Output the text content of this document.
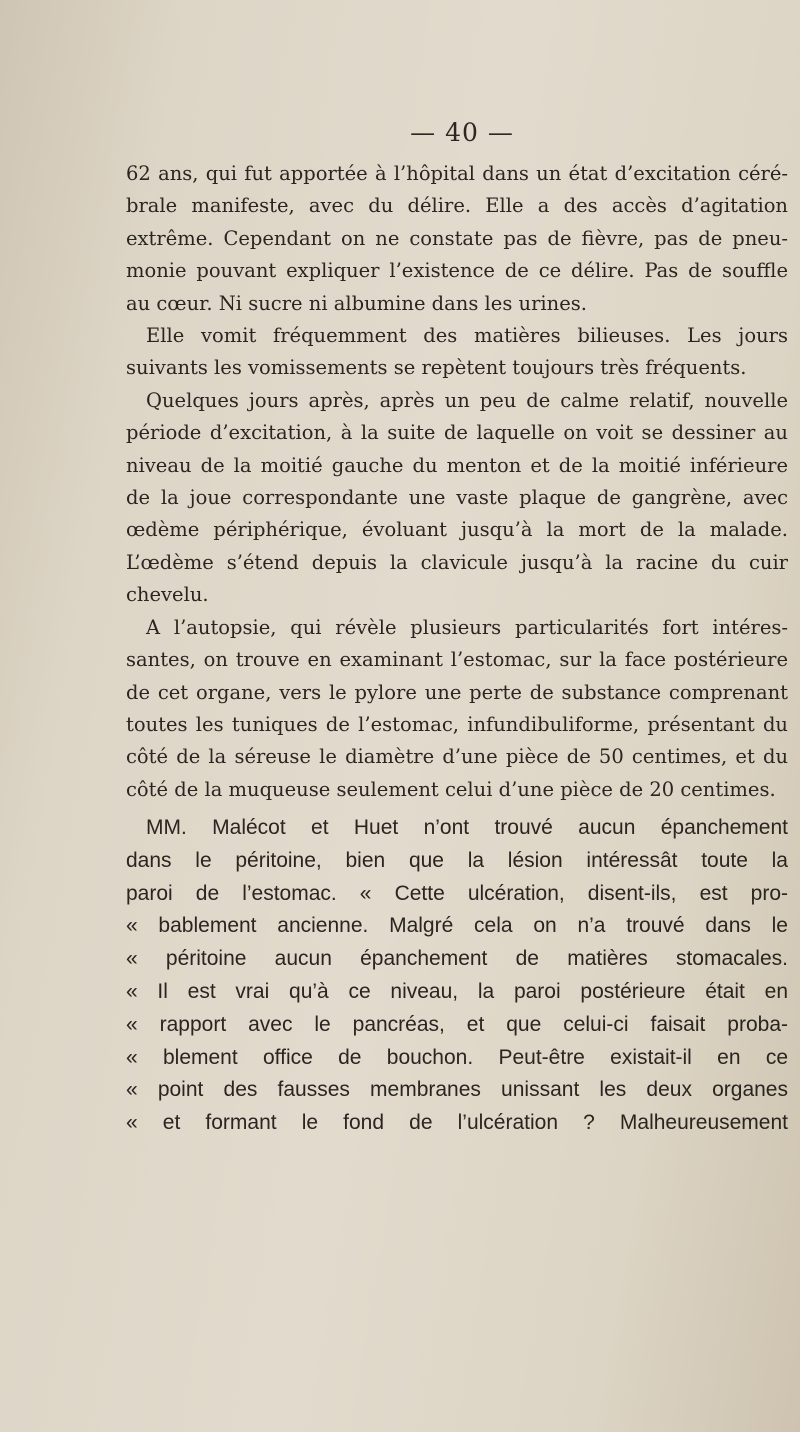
— 40 —
62 ans, qui fut apportée à l’hôpital dans un état d’excitation céré-
brale manifeste, avec du délire. Elle a des accès d’agitation
extrême. Cependant on ne constate pas de fièvre, pas de pneu-
monie pouvant expliquer l’existence de ce délire. Pas de souffle
au cœur. Ni sucre ni albumine dans les urines.
Elle vomit fréquemment des matières bilieuses. Les jours
suivants les vomissements se repètent toujours très fréquents.
Quelques jours après, après un peu de calme relatif, nouvelle
période d’excitation, à la suite de laquelle on voit se dessiner au
niveau de la moitié gauche du menton et de la moitié inférieure
de la joue correspondante une vaste plaque de gangrène, avec
œdème périphérique, évoluant jusqu’à la mort de la malade.
L’œdème s’étend depuis la clavicule jusqu’à la racine du cuir
chevelu.
A l’autopsie, qui révèle plusieurs particularités fort intéres-
santes, on trouve en examinant l’estomac, sur la face postérieure
de cet organe, vers le pylore une perte de substance comprenant
toutes les tuniques de l’estomac, infundibuliforme, présentant du
côté de la séreuse le diamètre d’une pièce de 50 centimes, et du
côté de la muqueuse seulement celui d’une pièce de 20 centimes.
MM. Malécot et Huet n’ont trouvé aucun épanchement
dans le péritoine, bien que la lésion intéressât toute la
paroi de l’estomac. « Cette ulcération, disent-ils, est pro-
« bablement ancienne. Malgré cela on n’a trouvé dans le
« péritoine aucun épanchement de matières stomacales.
« Il est vrai qu’à ce niveau, la paroi postérieure était en
« rapport avec le pancréas, et que celui-ci faisait proba-
« blement office de bouchon. Peut-être existait-il en ce
« point des fausses membranes unissant les deux organes
« et formant le fond de l’ulcération ? Malheureusement
